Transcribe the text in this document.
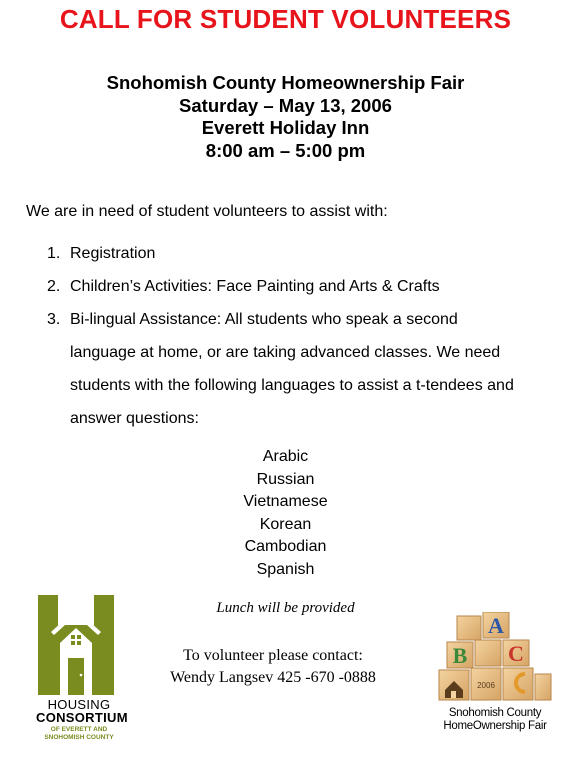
CALL FOR STUDENT VOLUNTEERS
Snohomish County Homeownership Fair
Saturday – May 13, 2006
Everett Holiday Inn
8:00 am – 5:00 pm
We are in need of student volunteers to assist with:
1. Registration
2. Children’s Activities: Face Painting and Arts & Crafts
3. Bi-lingual Assistance: All students who speak a second language at home, or are taking advanced classes. We need students with the following languages to assist a t-tendees and answer questions:
Arabic
Russian
Vietnamese
Korean
Cambodian
Spanish
Lunch will be provided
To volunteer please contact:
Wendy Langsev 425 -670 -0888
HOUSING
CONSORTIUM
OF EVERETT AND
SNOHOMISH COUNTY
A
B C
2006
Snohomish County
HomeOwnership Fair
